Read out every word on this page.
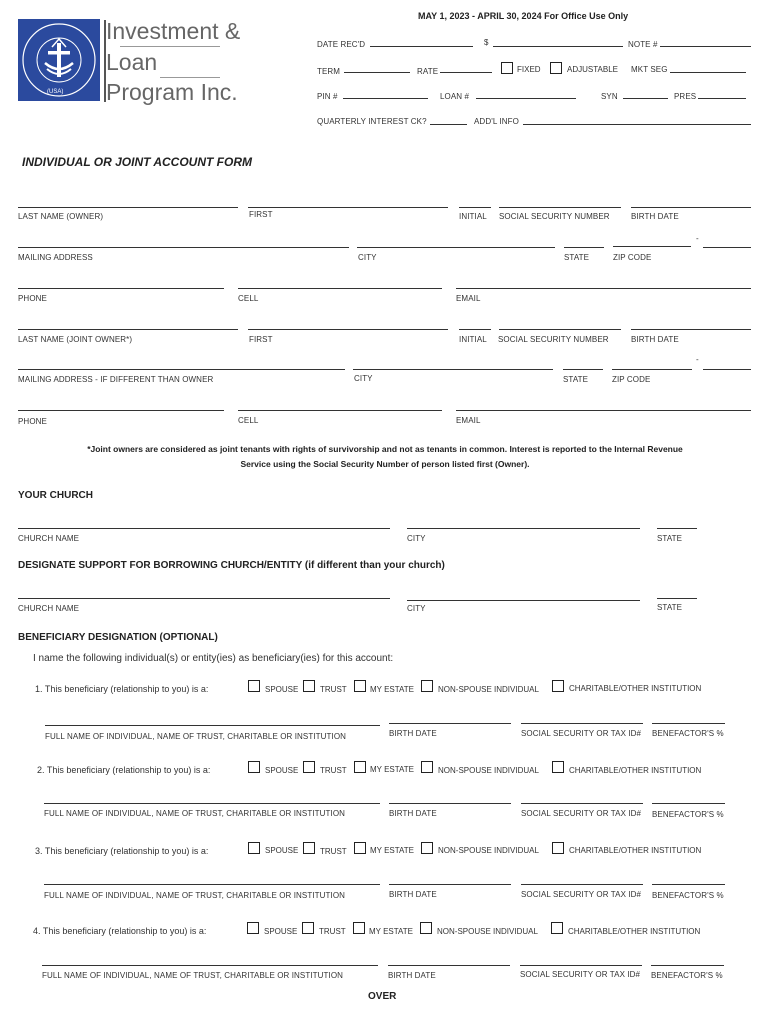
(USA)
Investment &
Loan
Program Inc.
MAY 1, 2023 - APRIL 30, 2024 For Office Use Only
DATE REC'D	$	NOTE #
TERM	RATE	FIXED	ADJUSTABLE MKT SEG
PIN #	LOAN #	SYN	PRES
QUARTERLY INTEREST CK?	ADD'L INFO
INDIVIDUAL OR JOINT ACCOUNT FORM
LAST NAME (OWNER)	FIRST	INITIAL SOCIAL SECURITY NUMBER	BIRTH DATE
-
MAILING ADDRESS	CITY	STATE	ZIP CODE
PHONE	CELL	EMAIL
LAST NAME (JOINT OWNER*)	FIRST	INITIAL SOCIAL SECURITY NUMBER	BIRTH DATE
-
MAILING ADDRESS - IF DIFFERENT THAN OWNER	CITY	STATE	ZIP CODE
PHONE	CELL	EMAIL
*Joint owners are considered as joint tenants with rights of survivorship and not as tenants in common. Interest is reported to the Internal Revenue
Service using the Social Security Number of person listed first (Owner).
YOUR CHURCH
CHURCH NAME	CITY	STATE
DESIGNATE SUPPORT FOR BORROWING CHURCH/ENTITY (if different than your church)
CHURCH NAME	CITY	STATE
BENEFICIARY DESIGNATION (OPTIONAL)
I name the following individual(s) or entity(ies) as beneficiary(ies) for this account:
1. This beneficiary (relationship to you) is a:	SPOUSE	TRUST	MY ESTATE	NON-SPOUSE INDIVIDUAL	CHARITABLE/OTHER INSTITUTION
FULL NAME OF INDIVIDUAL, NAME OF TRUST, CHARITABLE OR INSTITUTION	BIRTH DATE	SOCIAL SECURITY OR TAX ID# BENEFACTOR'S %
2. This beneficiary (relationship to you) is a:	SPOUSE	TRUST	MY ESTATE	NON-SPOUSE INDIVIDUAL	CHARITABLE/OTHER INSTITUTION
FULL NAME OF INDIVIDUAL, NAME OF TRUST, CHARITABLE OR INSTITUTION	BIRTH DATE	SOCIAL SECURITY OR TAX ID# BENEFACTOR'S %
3. This beneficiary (relationship to you) is a:	SPOUSE	TRUST	MY ESTATE	NON-SPOUSE INDIVIDUAL	CHARITABLE/OTHER INSTITUTION
FULL NAME OF INDIVIDUAL, NAME OF TRUST, CHARITABLE OR INSTITUTION	BIRTH DATE	SOCIAL SECURITY OR TAX ID# BENEFACTOR'S %
4. This beneficiary (relationship to you) is a:	SPOUSE	TRUST	MY ESTATE	NON-SPOUSE INDIVIDUAL	CHARITABLE/OTHER INSTITUTION
FULL NAME OF INDIVIDUAL, NAME OF TRUST, CHARITABLE OR INSTITUTION	BIRTH DATE	SOCIAL SECURITY OR TAX ID# BENEFACTOR'S %
OVER
